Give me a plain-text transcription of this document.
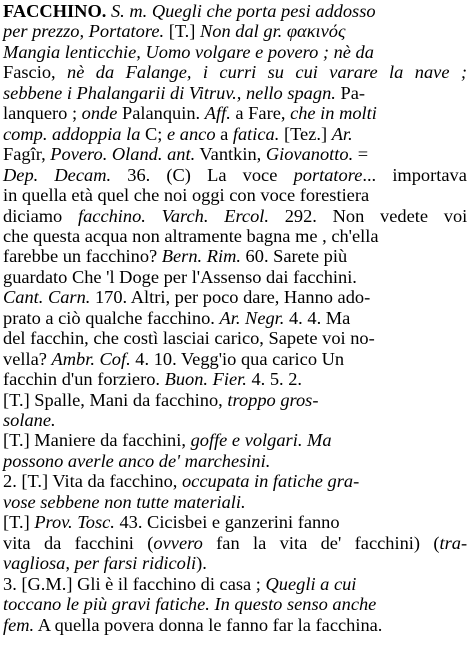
FACCHINO. S. m. Quegli che porta pesi addosso
per prezzo, Portatore. [T.] Non dal gr. φακινός
Mangia lenticchie, Uomo volgare e povero ; nè da
Fascio, nè da Falange, i curri su cui varare la nave ;
sebbene i Phalangarii di Vitruv., nello spagn. Pa-
lanquero ; onde Palanquin. Aff. a Fare, che in molti
comp. addoppia la C; e anco a fatica. [Tez.] Ar.
Fagîr, Povero. Oland. ant. Vantkin, Giovanotto. =
Dep. Decam. 36. (C) La voce portatore... importava
in quella età quel che noi oggi con voce forestiera
diciamo facchino. Varch. Ercol. 292. Non vedete voi
che questa acqua non altramente bagna me , ch'ella
farebbe un facchino? Bern. Rim. 60. Sarete più
guardato Che 'l Doge per l'Assenso dai facchini.
Cant. Carn. 170. Altri, per poco dare, Hanno ado-
prato a ciò qualche facchino. Ar. Negr. 4. 4. Ma
del facchin, che costì lasciai carico, Sapete voi no-
vella? Ambr. Cof. 4. 10. Vegg'io qua carico Un
facchin d'un forziero. Buon. Fier. 4. 5. 2.
[T.] Spalle, Mani da facchino, troppo gros-
solane.
[T.] Maniere da facchini, goffe e volgari. Ma
possono averle anco de' marchesini.
2. [T.] Vita da facchino, occupata in fatiche gra-
vose sebbene non tutte materiali.
[T.] Prov. Tosc. 43. Cicisbei e ganzerini fanno
vita da facchini (ovvero fan la vita de' facchini) (tra-
vagliosa, per farsi ridicoli).
3. [G.M.] Gli è il facchino di casa ; Quegli a cui
toccano le più gravi fatiche. In questo senso anche
fem. A quella povera donna le fanno far la facchina.
